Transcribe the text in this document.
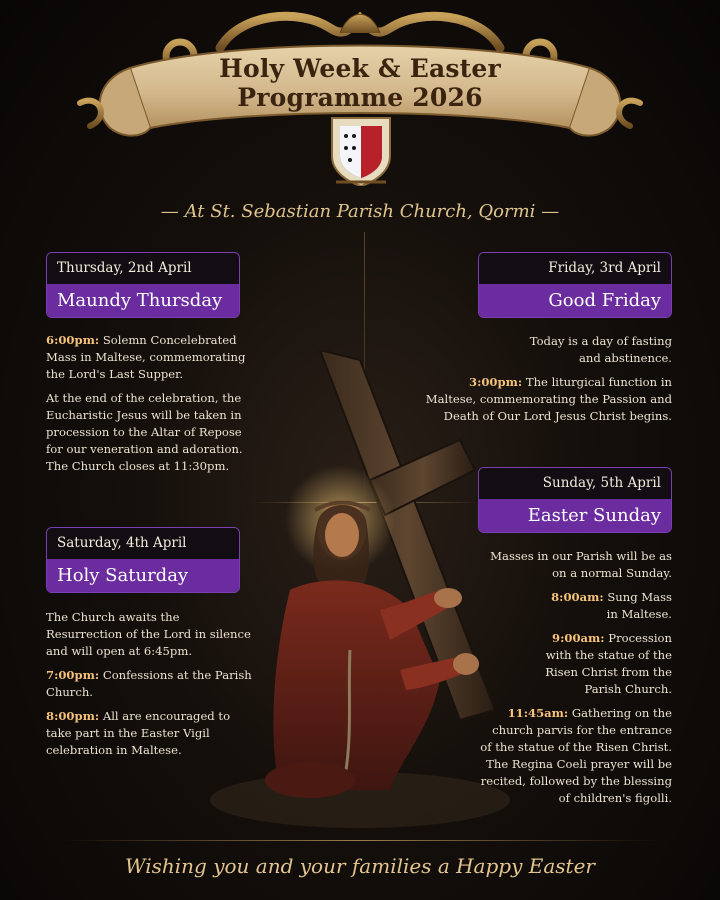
Holy Week & Easter
Programme 2026
— At St. Sebastian Parish Church, Qormi —
Thursday, 2nd April
Maundy Thursday

6:00pm: Solemn Concelebrated Mass in Maltese, commemorating the Lord's Last Supper.

At the end of the celebration, the Eucharistic Jesus will be taken in procession to the Altar of Repose for our veneration and adoration. The Church closes at 11:30pm.

Friday, 3rd April
Good Friday

Today is a day of fasting and abstinence.

3:00pm: The liturgical function in Maltese, commemorating the Passion and Death of Our Lord Jesus Christ begins.

Saturday, 4th April
Holy Saturday

The Church awaits the Resurrection of the Lord in silence and will open at 6:45pm.

7:00pm: Confessions at the Parish Church.

8:00pm: All are encouraged to take part in the Easter Vigil celebration in Maltese.

Sunday, 5th April
Easter Sunday

Masses in our Parish will be as on a normal Sunday.

8:00am: Sung Mass in Maltese.

9:00am: Procession with the statue of the Risen Christ from the Parish Church.

11:45am: Gathering on the church parvis for the entrance of the statue of the Risen Christ. The Regina Coeli prayer will be recited, followed by the blessing of children's figolli.

Wishing you and your families a Happy Easter
